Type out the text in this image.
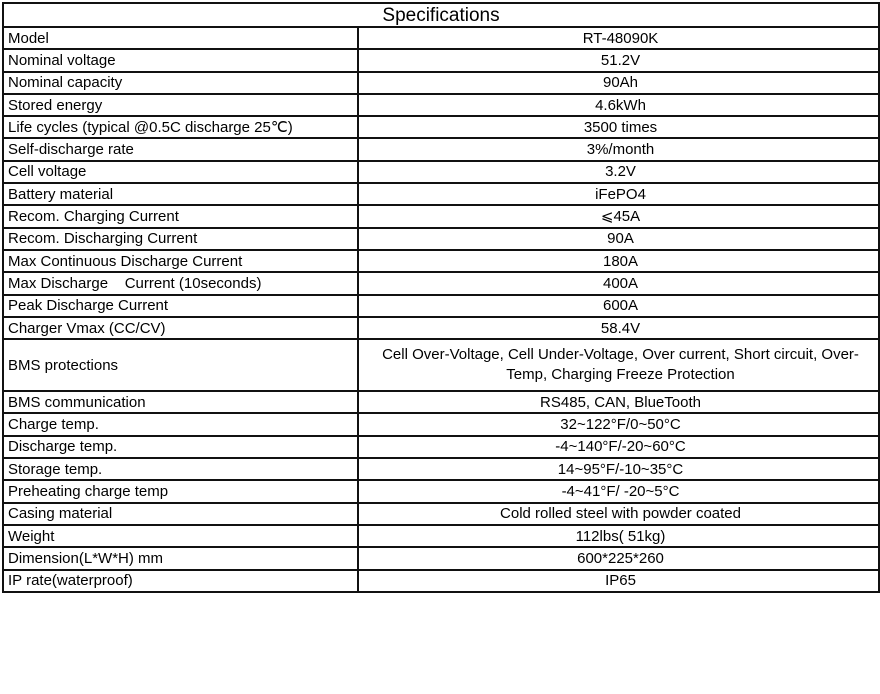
Specifications	
Model	RT-48090K
Nominal voltage	51.2V
Nominal capacity	90Ah
Stored energy	4.6kWh
Life cycles (typical @0.5C discharge 25℃)	3500 times
Self-discharge rate	3%/month
Cell voltage	3.2V
Battery material	iFePO4
Recom. Charging Current	⩽45A
Recom. Discharging Current	90A
Max Continuous Discharge Current	180A
Max Discharge    Current (10seconds)	400A
Peak Discharge Current	600A
Charger Vmax (CC/CV)	58.4V
BMS protections	Cell Over-Voltage, Cell Under-Voltage, Over current, Short circuit, Over-Temp, Charging Freeze Protection
BMS communication	RS485, CAN, BlueTooth
Charge temp.	32~122°F/0~50°C
Discharge temp.	-4~140°F/-20~60°C
Storage temp.	14~95°F/-10~35°C
Preheating charge temp	-4~41°F/ -20~5°C
Casing material	Cold rolled steel with powder coated
Weight	112lbs( 51kg)
Dimension(L*W*H) mm	600*225*260
IP rate(waterproof)	IP65
